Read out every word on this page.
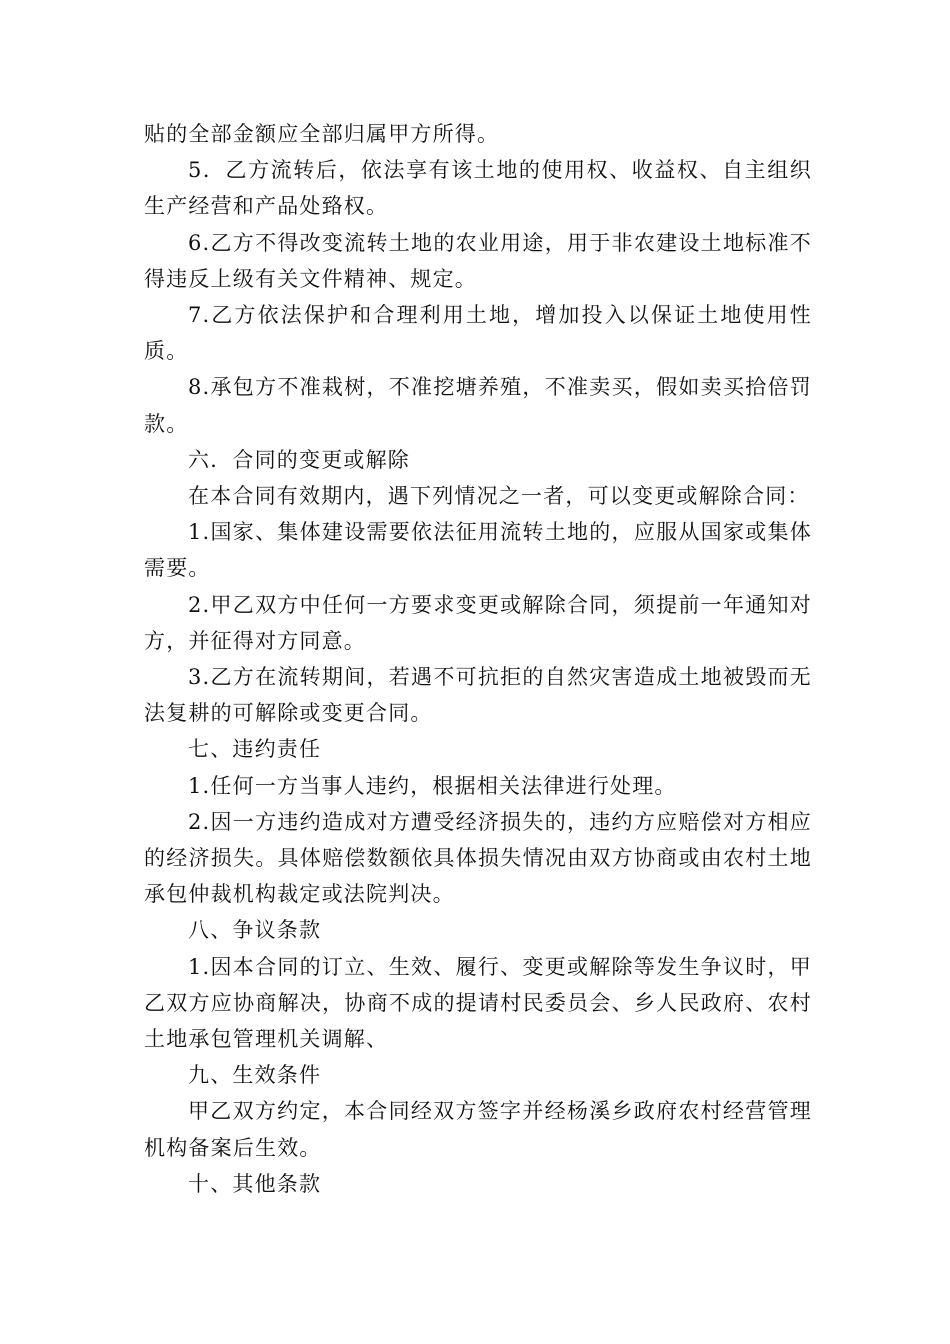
贴的全部金额应全部归属甲方所得。

5．乙方流转后，依法享有该土地的使用权、收益权、自主组织生产经营和产品处臵权。

6.乙方不得改变流转土地的农业用途，用于非农建设土地标准不得违反上级有关文件精神、规定。

7.乙方依法保护和合理利用土地，增加投入以保证土地使用性质。

8.承包方不准栽树，不准挖塘养殖，不准卖买，假如卖买拾倍罚款。

六．合同的变更或解除

在本合同有效期内，遇下列情况之一者，可以变更或解除合同：

1.国家、集体建设需要依法征用流转土地的，应服从国家或集体需要。

2.甲乙双方中任何一方要求变更或解除合同，须提前一年通知对方，并征得对方同意。

3.乙方在流转期间，若遇不可抗拒的自然灾害造成土地被毁而无法复耕的可解除或变更合同。

七、违约责任

1.任何一方当事人违约，根据相关法律进行处理。

2.因一方违约造成对方遭受经济损失的，违约方应赔偿对方相应的经济损失。具体赔偿数额依具体损失情况由双方协商或由农村土地承包仲裁机构裁定或法院判决。

八、争议条款

1.因本合同的订立、生效、履行、变更或解除等发生争议时，甲乙双方应协商解决，协商不成的提请村民委员会、乡人民政府、农村土地承包管理机关调解、

九、生效条件

甲乙双方约定，本合同经双方签字并经杨溪乡政府农村经营管理机构备案后生效。

十、其他条款
